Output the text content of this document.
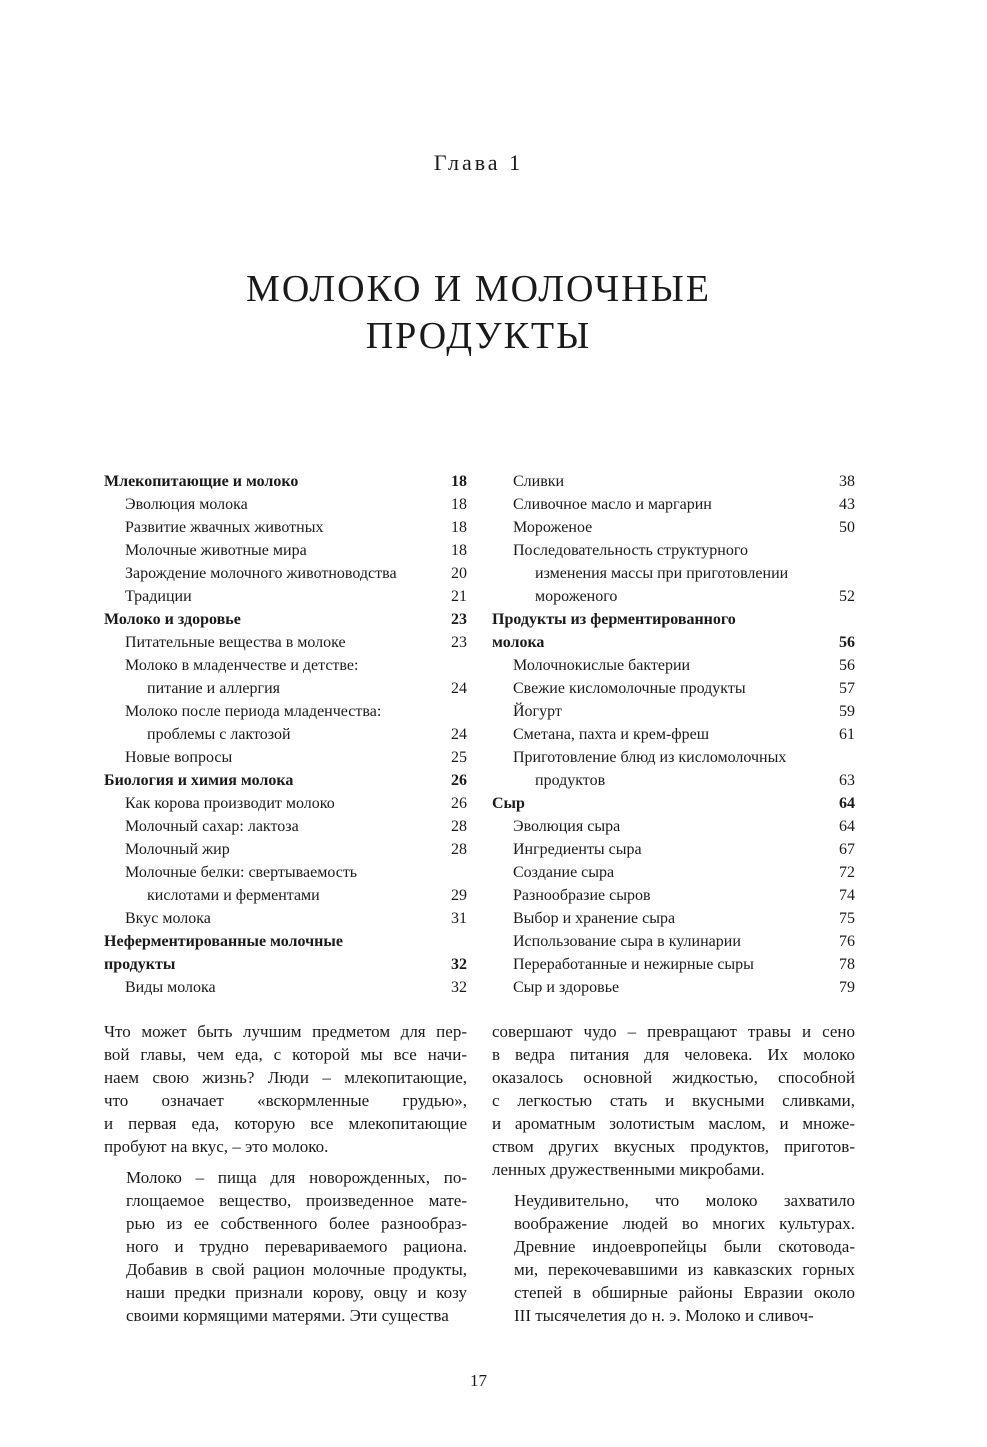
Глава 1
МОЛОКО И МОЛОЧНЫЕ
ПРОДУКТЫ
Млекопитающие и молоко	18
Эволюция молока	18
Развитие жвачных животных	18
Молочные животные мира	18
Зарождение молочного животноводства	20
Традиции	21
Молоко и здоровье	23
Питательные вещества в молоке	23
Молоко в младенчестве и детстве:
питание и аллергия	24
Молоко после периода младенчества:
проблемы с лактозой	24
Новые вопросы	25
Биология и химия молока	26
Как корова производит молоко	26
Молочный сахар: лактоза	28
Молочный жир	28
Молочные белки: свертываемость
кислотами и ферментами	29
Вкус молока	31
Неферментированные молочные
продукты	32
Виды молока	32
Сливки	38
Сливочное масло и маргарин	43
Мороженое	50
Последовательность структурного
изменения массы при приготовлении
мороженого	52
Продукты из ферментированного
молока	56
Молочнокислые бактерии	56
Свежие кисломолочные продукты	57
Йогурт	59
Сметана, пахта и крем-фреш	61
Приготовление блюд из кисломолочных
продуктов	63
Сыр	64
Эволюция сыра	64
Ингредиенты сыра	67
Создание сыра	72
Разнообразие сыров	74
Выбор и хранение сыра	75
Использование сыра в кулинарии	76
Переработанные и нежирные сыры	78
Сыр и здоровье	79

Что может быть лучшим предметом для пер-
вой главы, чем еда, с которой мы все начи-
наем свою жизнь? Люди – млекопитающие,
что означает «вскормленные грудью»,
и первая еда, которую все млекопитающие
пробуют на вкус, – это молоко.

Молоко – пища для новорожденных, по-
глощаемое вещество, произведенное мате-
рью из ее собственного более разнообраз-
ного и трудно перевариваемого рациона.
Добавив в свой рацион молочные продукты,
наши предки признали корову, овцу и козу
своими кормящими матерями. Эти существа

совершают чудо – превращают травы и сено
в ведра питания для человека. Их молоко
оказалось основной жидкостью, способной
с легкостью стать и вкусными сливками,
и ароматным золотистым маслом, и множе-
ством других вкусных продуктов, приготов-
ленных дружественными микробами.

Неудивительно, что молоко захватило
воображение людей во многих культурах.
Древние индоевропейцы были скотовода-
ми, перекочевавшими из кавказских горных
степей в обширные районы Евразии около
III тысячелетия до н. э. Молоко и сливоч-

17
